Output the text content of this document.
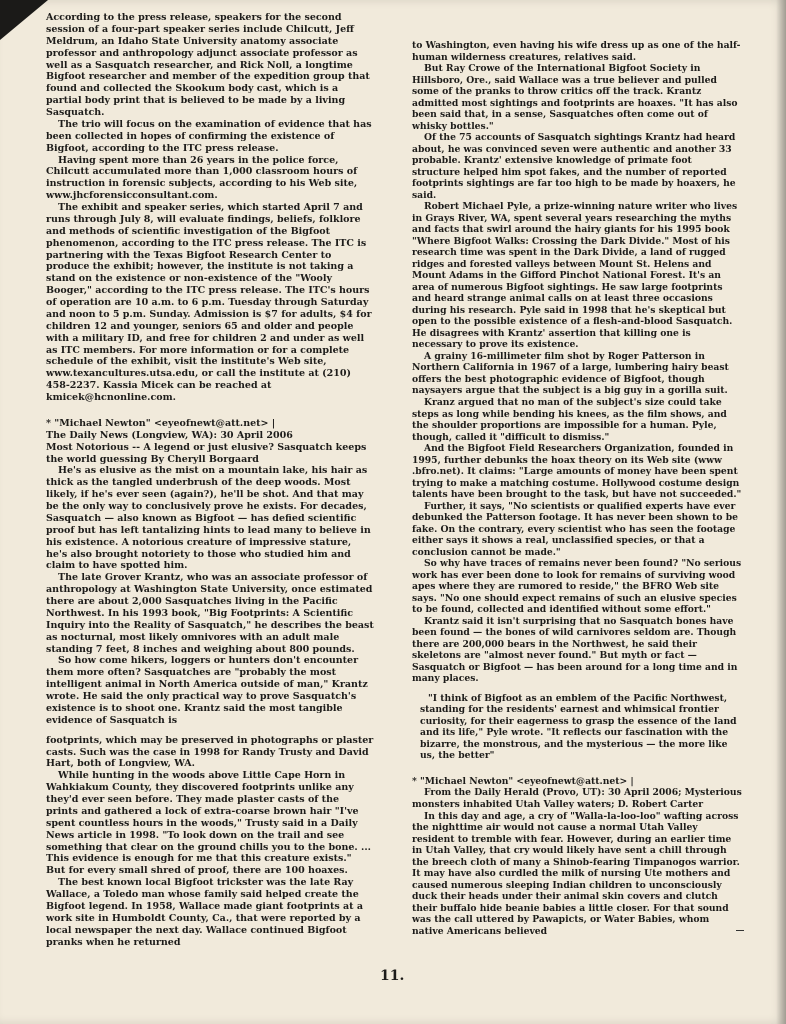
According to the press release, speakers for the second session of a four-part speaker series include Chilcutt, Jeff Meldrum, an Idaho State University anatomy associate professor and anthropology adjunct associate professor as well as a Sasquatch researcher, and Rick Noll, a longtime Bigfoot researcher and member of the expedition group that found and collected the Skookum body cast, which is a partial body print that is believed to be made by a living Sasquatch.

The trio will focus on the examination of evidence that has been collected in hopes of confirming the existence of Bigfoot, according to the ITC press release.

Having spent more than 26 years in the police force, Chilcutt accumulated more than 1,000 classroom hours of instruction in forensic subjects, according to his Web site, www.jhcforensicconsultant.com.

The exhibit and speaker series, which started April 7 and runs through July 8, will evaluate findings, beliefs, folklore and methods of scientific investigation of the Bigfoot phenomenon, according to the ITC press release. The ITC is partnering with the Texas Bigfoot Research Center to produce the exhibit; however, the institute is not taking a stand on the existence or non-existence of the "Wooly Booger," according to the ITC press release. The ITC's hours of operation are 10 a.m. to 6 p.m. Tuesday through Saturday and noon to 5 p.m. Sunday. Admission is $7 for adults, $4 for children 12 and younger, seniors 65 and older and people with a military ID, and free for children 2 and under as well as ITC members. For more information or for a complete schedule of the exhibit, visit the institute's Web site, www.texancultures.utsa.edu, or call the institute at (210) 458-2237. Kassia Micek can be reached at kmicek@hcnonline.com.

* "Michael Newton" <eyeofnewt@att.net> |

The Daily News (Longview, WA): 30 April 2006

Most Notorious -- A legend or just elusive? Sasquatch keeps the world guessing By Cheryll Borgaard

He's as elusive as the mist on a mountain lake, his hair as thick as the tangled underbrush of the deep woods. Most likely, if he's ever seen (again?), he'll be shot. And that may be the only way to conclusively prove he exists. For decades, Sasquatch — also known as Bigfoot — has defied scientific proof but has left tantalizing hints to lead many to believe in his existence. A notorious creature of impressive stature, he's also brought notoriety to those who studied him and claim to have spotted him.

The late Grover Krantz, who was an associate professor of anthropology at Washington State University, once estimated there are about 2,000 Sasquatches living in the Pacific Northwest. In his 1993 book, "Big Footprints: A Scientific Inquiry into the Reality of Sasquatch," he describes the beast as nocturnal, most likely omnivores with an adult male standing 7 feet, 8 inches and weighing about 800 pounds.

So how come hikers, loggers or hunters don't encounter them more often? Sasquatches are "probably the most intelligent animal in North America outside of man," Krantz wrote. He said the only practical way to prove Sasquatch's existence is to shoot one. Krantz said the most tangible evidence of Sasquatch is

footprints, which may be preserved in photographs or plaster casts. Such was the case in 1998 for Randy Trusty and David Hart, both of Longview, WA.

While hunting in the woods above Little Cape Horn in Wahkiakum County, they discovered footprints unlike any they'd ever seen before. They made plaster casts of the prints and gathered a lock of extra-coarse brown hair "I've spent countless hours in the woods," Trusty said in a Daily News article in 1998. "To look down on the trail and see something that clear on the ground chills you to the bone. ... This evidence is enough for me that this creature exists." But for every small shred of proof, there are 100 hoaxes.

The best known local Bigfoot trickster was the late Ray Wallace, a Toledo man whose family said helped create the Bigfoot legend. In 1958, Wallace made giant footprints at a work site in Humboldt County, Ca., that were reported by a local newspaper the next day. Wallace continued Bigfoot pranks when he returned

to Washington, even having his wife dress up as one of the half-human wilderness creatures, relatives said.

But Ray Crowe of the International Bigfoot Society in Hillsboro, Ore., said Wallace was a true believer and pulled some of the pranks to throw critics off the track. Krantz admitted most sightings and footprints are hoaxes. "It has also been said that, in a sense, Sasquatches often come out of whisky bottles."

Of the 75 accounts of Sasquatch sightings Krantz had heard about, he was convinced seven were authentic and another 33 probable. Krantz' extensive knowledge of primate foot structure helped him spot fakes, and the number of reported footprints sightings are far too high to be made by hoaxers, he said.

Robert Michael Pyle, a prize-winning nature writer who lives in Grays River, WA, spent several years researching the myths and facts that swirl around the hairy giants for his 1995 book "Where Bigfoot Walks: Crossing the Dark Divide." Most of his research time was spent in the Dark Divide, a land of rugged ridges and forested valleys between Mount St. Helens and Mount Adams in the Gifford Pinchot National Forest. It's an area of numerous Bigfoot sightings. He saw large footprints and heard strange animal calls on at least three occasions during his research. Pyle said in 1998 that he's skeptical but open to the possible existence of a flesh-and-blood Sasquatch. He disagrees with Krantz' assertion that killing one is necessary to prove its existence.

A grainy 16-millimeter film shot by Roger Patterson in Northern California in 1967 of a large, lumbering hairy beast offers the best photographic evidence of Bigfoot, though naysayers argue that the subject is a big guy in a gorilla suit.

Kranz argued that no man of the subject's size could take steps as long while bending his knees, as the film shows, and the shoulder proportions are impossible for a human. Pyle, though, called it "difficult to dismiss."

And the Bigfoot Field Researchers Organization, founded in 1995, further debunks the hoax theory on its Web site (www .bfro.net). It claims: "Large amounts of money have been spent trying to make a matching costume. Hollywood costume design talents have been brought to the task, but have not succeeded."

Further, it says, "No scientists or qualified experts have ever debunked the Patterson footage. It has never been shown to be fake. On the contrary, every scientist who has seen the footage either says it shows a real, unclassified species, or that a conclusion cannot be made."

So why have traces of remains never been found? "No serious work has ever been done to look for remains of surviving wood apes where they are rumored to reside," the BFRO Web site says. "No one should expect remains of such an elusive species to be found, collected and identified without some effort."

Krantz said it isn't surprising that no Sasquatch bones have been found — the bones of wild carnivores seldom are. Though there are 200,000 bears in the Northwest, he said their skeletons are "almost never found." But myth or fact — Sasquatch or Bigfoot — has been around for a long time and in many places.

"I think of Bigfoot as an emblem of the Pacific Northwest, standing for the residents' earnest and whimsical frontier curiosity, for their eagerness to grasp the essence of the land and its life," Pyle wrote. "It reflects our fascination with the bizarre, the monstrous, and the mysterious — the more like us, the better"

* "Michael Newton" <eyeofnewt@att.net> |

From the Daily Herald (Provo, UT): 30 April 2006; Mysterious monsters inhabited Utah Valley waters; D. Robert Carter

In this day and age, a cry of "Walla-la-loo-loo" wafting across the nighttime air would not cause a normal Utah Valley resident to tremble with fear. However, during an earlier time in Utah Valley, that cry would likely have sent a chill through the breech cloth of many a Shinob-fearing Timpanogos warrior. It may have also curdled the milk of nursing Ute mothers and caused numerous sleeping Indian children to unconsciously duck their heads under their animal skin covers and clutch their buffalo hide beanie babies a little closer. For that sound was the call uttered by Pawapicts, or Water Babies, whom native Americans believed

11.
